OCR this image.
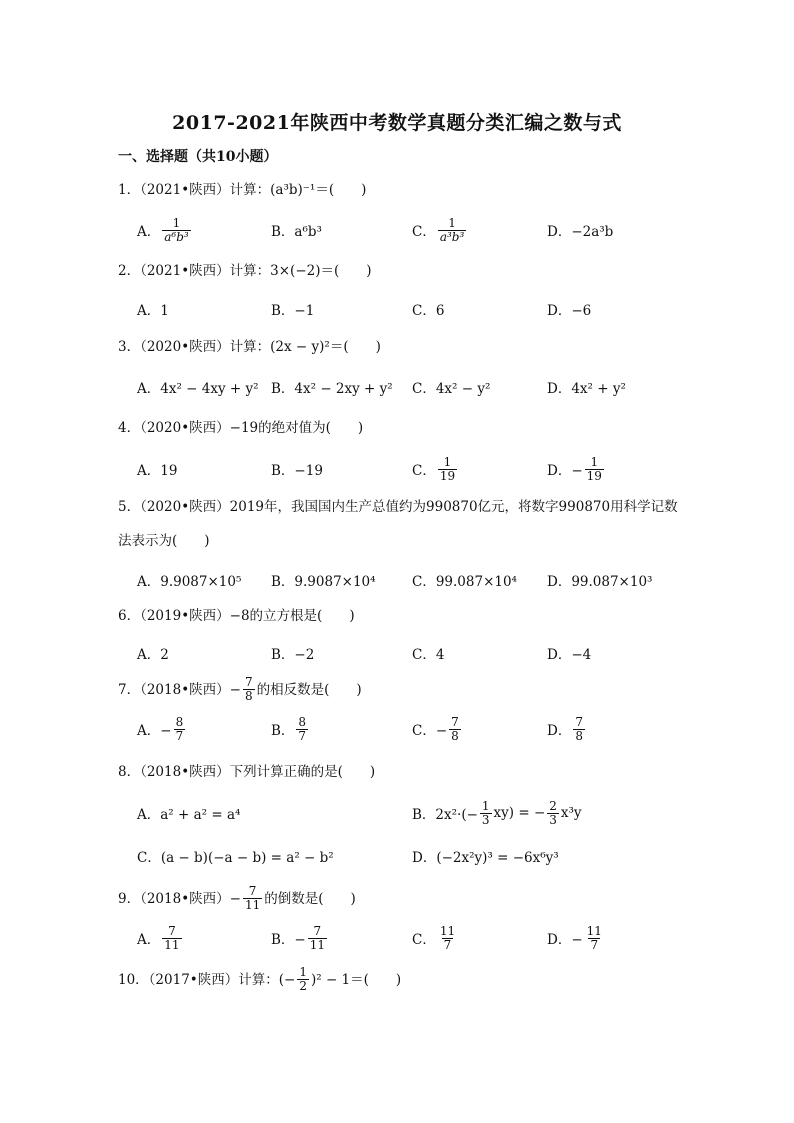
2017-2021年陕西中考数学真题分类汇编之数与式
一、选择题（共10小题）
1．（2021•陕西）计算：(a³b)⁻¹＝(　　)
A． $\frac{1}{\text{a⁶b³}}$	B．a⁶b³	C． $\frac{1}{\text{a³b³}}$	D．−2a³b
2．（2021•陕西）计算：3×(−2)＝(　　)
A．1	B．−1	C．6	D．−6
3．（2020•陕西）计算：(2x − y)²＝(　　)
A．4x² − 4xy + y² B．4x² − 2xy + y² C．4x² − y²	D．4x² + y²
4．（2020•陕西）−19的绝对值为(　　)
A．19	B．−19	C． $\frac{1}{19}$	D．− $\frac{1}{19}$
5．（2020•陕西）2019年，我国国内生产总值约为990870亿元，将数字990870用科学记数法表示为(　　)
A．9.9087×10⁵ B．9.9087×10⁴	C．99.087×10⁴ D．99.087×10³
6．（2019•陕西）−8的立方根是(　　)
A．2	B．−2	C．4	D．−4
7．（2018•陕西）− $\frac{7}{8}$ 的相反数是(　　)
A．− $\frac{8}{7}$	B． $\frac{8}{7}$	C．− $\frac{7}{8}$	D． $\frac{7}{8}$
8．（2018•陕西）下列计算正确的是(　　)
A．a² + a² = a⁴	B．$2x^2\cdot(- \frac{1}{3} xy)$ = − $\frac{2}{3} x^3y$
C．(a − b)(−a − b) = a² − b²	D．(−2x²y)³ = −6x⁶y³
9．（2018•陕西）− $\frac{7}{11}$ 的倒数是(　　)
A． $\frac{7}{11}$	B．− $\frac{7}{11}$	C． $\frac{11}{7}$	D．− $\frac{11}{7}$
10．（2017•陕西）计算：(− $\frac{1}{2} )^2 - 1=$(　　)
